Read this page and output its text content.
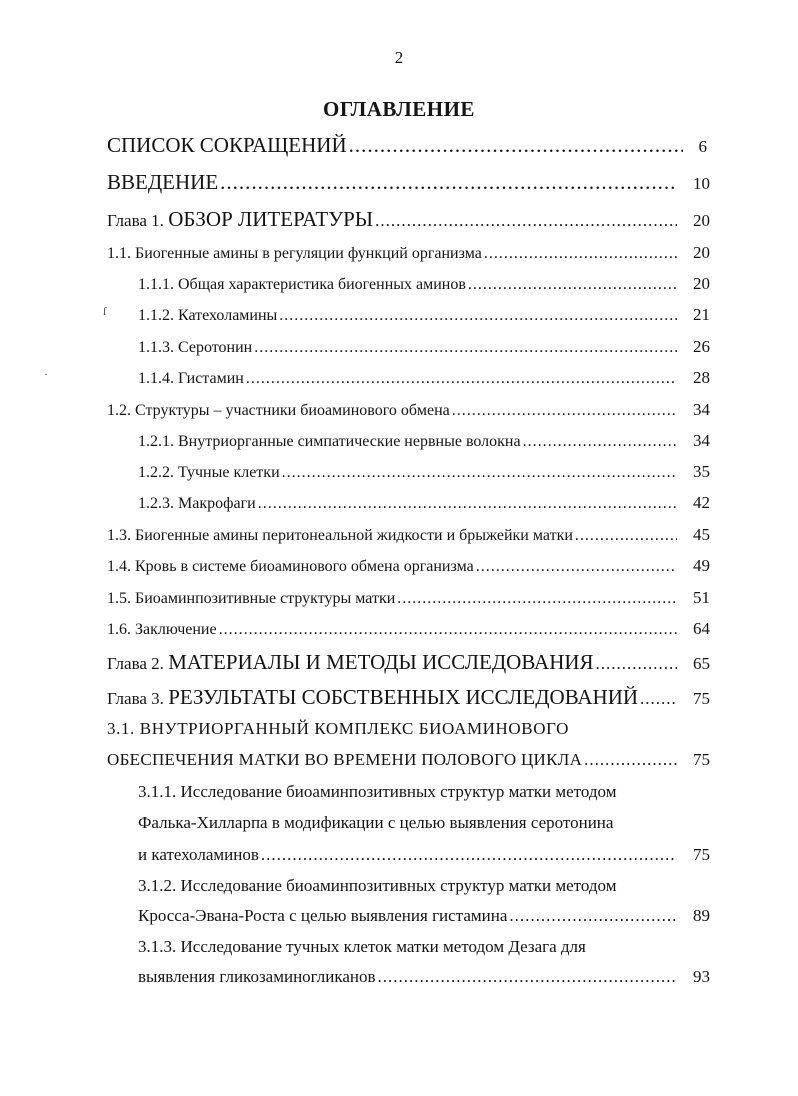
2
ОГЛАВЛЕНИЕ
СПИСОК СОКРАЩЕНИЙ .....	6
ВВЕДЕНИЕ .....	10
Глава 1. ОБЗОР ЛИТЕРАТУРЫ .....	20
1.1. Биогенные амины в регуляции функций организма .....	20
1.1.1. Общая характеристика биогенных аминов .....	20
ſ 1.1.2. Катехоламины .....	21
1.1.3. Серотонин .....	26
·	1.1.4. Гистамин .....	28
1.2. Структуры – участники биоаминового обмена .....	34
1.2.1. Внутриорганные симпатические нервные волокна .....	34
1.2.2. Тучные клетки .....	35
1.2.3. Макрофаги .....	42
1.3. Биогенные амины перитонеальной жидкости и брыжейки матки .....	45
1.4. Кровь в системе биоаминового обмена организма .....	49
1.5. Биоаминпозитивные структуры матки .....	51
1.6. Заключение .....	64
Глава 2. МАТЕРИАЛЫ И МЕТОДЫ ИССЛЕДОВАНИЯ .....	65
Глава 3. РЕЗУЛЬТАТЫ СОБСТВЕННЫХ ИССЛЕДОВАНИЙ .....	75
3.1. ВНУТРИОРГАННЫЙ КОМПЛЕКС БИОАМИНОВОГО
ОБЕСПЕЧЕНИЯ МАТКИ ВО ВРЕМЕНИ ПОЛОВОГО ЦИКЛА .....	75
3.1.1. Исследование биоаминпозитивных структур матки методом
Фалька-Хилларпа в модификации с целью выявления серотонина
и катехоламинов .....	75
3.1.2. Исследование биоаминпозитивных структур матки методом
Кросса-Эвана-Роста с целью выявления гистамина .....	89
3.1.3. Исследование тучных клеток матки методом Дезага для
выявления гликозаминогликанов .....	93
